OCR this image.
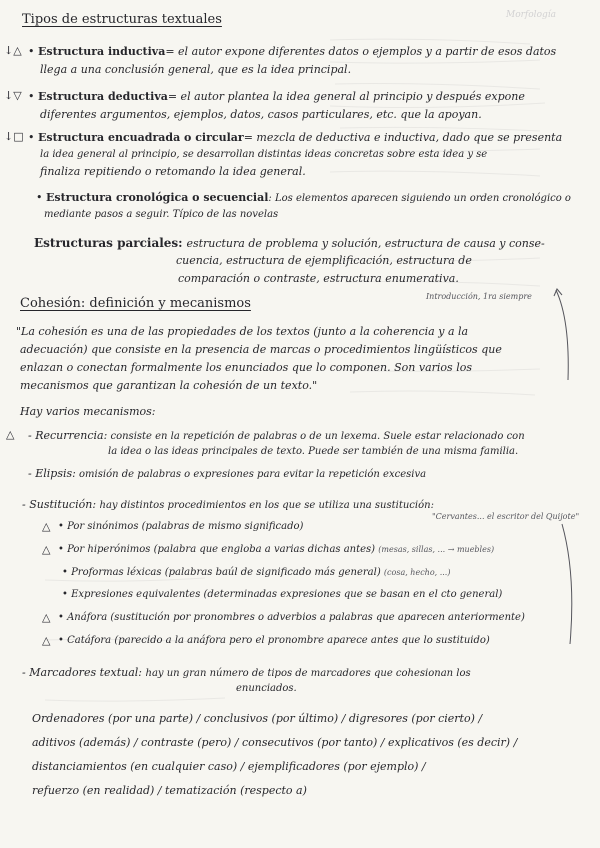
Morfología
Tipos de estructuras textuales
↓△ • Estructura inductiva= el autor expone diferentes datos o ejemplos y a partir de esos datos
llega a una conclusión general, que es la idea principal.
↓▽ • Estructura deductiva= el autor plantea la idea general al principio y después expone
diferentes argumentos, ejemplos, datos, casos particulares, etc. que la apoyan.
↓□ • Estructura encuadrada o circular= mezcla de deductiva e inductiva, dado que se presenta
la idea general al principio, se desarrollan distintas ideas concretas sobre esta idea y se
finaliza repitiendo o retomando la idea general.
• Estructura cronológica o secuencial: Los elementos aparecen siguiendo un orden cronológico o
mediante pasos a seguir. Típico de las novelas
Estructuras parciales: estructura de problema y solución, estructura de causa y conse-
cuencia, estructura de ejemplificación, estructura de
comparación o contraste, estructura enumerativa.
Cohesión: definición y mecanismos	Introducción, 1ra siempre
"La cohesión es una de las propiedades de los textos (junto a la coherencia y a la
adecuación) que consiste en la presencia de marcas o procedimientos lingüísticos que
enlazan o conectan formalmente los enunciados que lo componen. Son varios los
mecanismos que garantizan la cohesión de un texto."
Hay varios mecanismos:
△ - Recurrencia: consiste en la repetición de palabras o de un lexema. Suele estar relacionado con
la idea o las ideas principales de texto. Puede ser también de una misma familia.
- Elipsis: omisión de palabras o expresiones para evitar la repetición excesiva
- Sustitución: hay distintos procedimientos en los que se utiliza una sustitución:
"Cervantes... el escritor del Quijote"
△ • Por sinónimos (palabras de mismo significado)
△ • Por hiperónimos (palabra que engloba a varias dichas antes) (mesas, sillas, ... → muebles)
• Proformas léxicas (palabras baúl de significado más general) (cosa, hecho, ...)
• Expresiones equivalentes (determinadas expresiones que se basan en el cto general)
△ • Anáfora (sustitución por pronombres o adverbios a palabras que aparecen anteriormente)
△ • Catáfora (parecido a la anáfora pero el pronombre aparece antes que lo sustituido)
- Marcadores textual: hay un gran número de tipos de marcadores que cohesionan los
enunciados.
Ordenadores (por una parte) / conclusivos (por último) / digresores (por cierto) /
aditivos (además) / contraste (pero) / consecutivos (por tanto) / explicativos (es decir) /
distanciamientos (en cualquier caso) / ejemplificadores (por ejemplo) /
refuerzo (en realidad) / tematización (respecto a)
